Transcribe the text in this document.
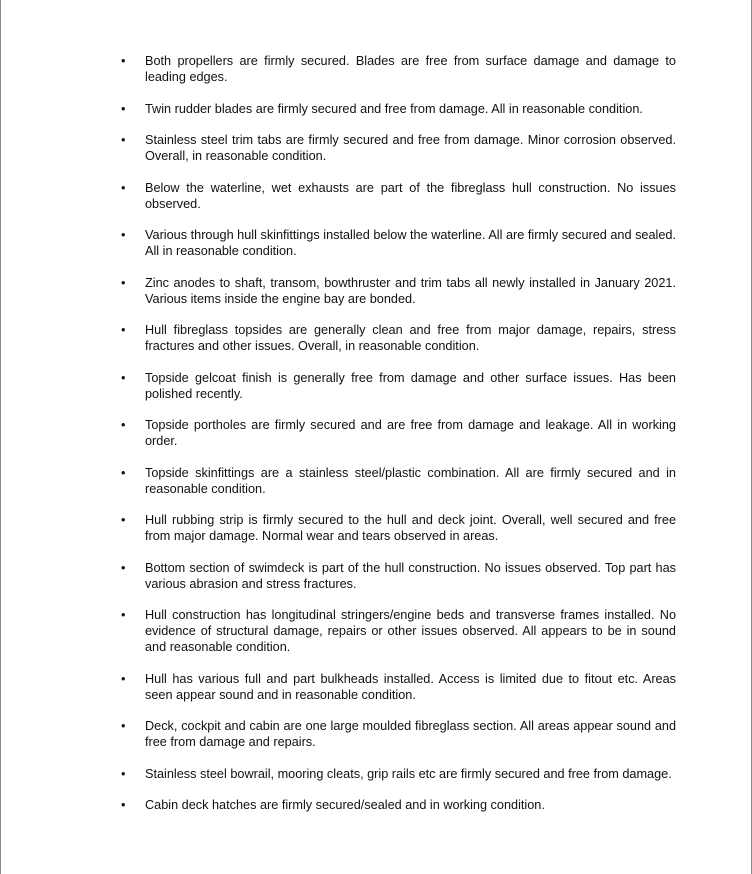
•	Both propellers are firmly secured. Blades are free from surface damage and damage to leading edges.
•	Twin rudder blades are firmly secured and free from damage. All in reasonable condition.
•	Stainless steel trim tabs are firmly secured and free from damage. Minor corrosion observed. Overall, in reasonable condition.
•	Below the waterline, wet exhausts are part of the fibreglass hull construction. No issues observed.
•	Various through hull skinfittings installed below the waterline. All are firmly secured and sealed. All in reasonable condition.
•	Zinc anodes to shaft, transom, bowthruster and trim tabs all newly installed in January 2021. Various items inside the engine bay are bonded.
•	Hull fibreglass topsides are generally clean and free from major damage, repairs, stress fractures and other issues. Overall, in reasonable condition.
•	Topside gelcoat finish is generally free from damage and other surface issues. Has been polished recently.
•	Topside portholes are firmly secured and are free from damage and leakage. All in working order.
•	Topside skinfittings are a stainless steel/plastic combination. All are firmly secured and in reasonable condition.
•	Hull rubbing strip is firmly secured to the hull and deck joint. Overall, well secured and free from major damage. Normal wear and tears observed in areas.
•	Bottom section of swimdeck is part of the hull construction. No issues observed. Top part has various abrasion and stress fractures.
•	Hull construction has longitudinal stringers/engine beds and transverse frames installed. No evidence of structural damage, repairs or other issues observed. All appears to be in sound and reasonable condition.
•	Hull has various full and part bulkheads installed. Access is limited due to fitout etc. Areas seen appear sound and in reasonable condition.
•	Deck, cockpit and cabin are one large moulded fibreglass section. All areas appear sound and free from damage and repairs.
•	Stainless steel bowrail, mooring cleats, grip rails etc are firmly secured and free from damage.
•	Cabin deck hatches are firmly secured/sealed and in working condition.
